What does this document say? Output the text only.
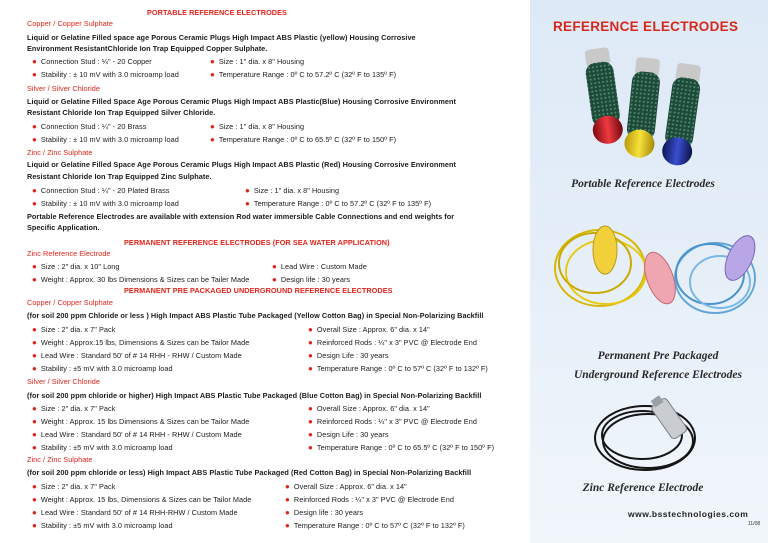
PORTABLE REFERENCE ELECTRODES
Copper / Copper Sulphate
Liquid or Gelatine Filled space age Porous Ceramic Plugs High Impact ABS Plastic (yellow) Housing Corrosive
Environment ResistantChloride Ion Trap Equipped Copper Sulphate.
● Connection Stud : ¼" - 20 Copper	● Size : 1" dia. x 8" Housing
● Stability : ± 10 mV with 3.0 microamp load	● Temperature Range : 0º C to 57.2º C (32º F to 135º F)
Silver / Silver Chloride
Liquid or Gelatine Filled Space Age Porous Ceramic Plugs High Impact ABS Plastic(Blue) Housing Corrosive Environment
Resistant Chloride Ion Trap Equipped Silver Chloride.
● Connection Stud : ¼" - 20 Brass	● Size : 1" dia. x 8" Housing
● Stability : ± 10 mV with 3.0 microamp load	● Temperature Range : 0º C to 65.5º C (32º F to 150º F)
Zinc / Zinc Sulphate
Liquid or Gelatine Filled Space Age Porous Ceramic Plugs High Impact ABS Plastic (Red) Housing Corrosive Environment
Resistant Chloride Ion Trap Equipped Zinc Sulphate.
● Connection Stud : ¼" - 20 Plated Brass	● Size : 1" dia. x 8" Housing
● Stability : ± 10 mV with 3.0 microamp load	● Temperature Range : 0º C to 57.2º C (32º F to 135º F)
Portable Reference Electrodes are available with extension Rod water immersible Cable Connections and end weights for
Specific Application.
PERMANENT REFERENCE ELECTRODES (FOR SEA WATER APPLICATION)
Zinc Reference Electrode
● Size : 2" dia. x 10" Long	● Lead Wire : Custom Made
● Weight : Approx. 30 lbs Dimensions & Sizes can be Tailer Made	● Design life : 30 years
PERMANENT PRE PACKAGED UNDERGROUND REFERENCE ELECTRODES
Copper / Copper Sulphate
(for soil 200 ppm Chloride or less ) High Impact ABS Plastic Tube Packaged (Yellow Cotton Bag) in Special Non-Polarizing Backfill
● Size : 2" dia. x 7" Pack	● Overall Size : Approx. 6" dia. x 14"
● Weight : Approx.15 lbs, Dimensions & Sizes can be Tailor Made	● Reinforced Rods : ¼" x 3" PVC @ Electrode End
● Lead Wire : Standard 50' of # 14 RHH - RHW / Custom Made	● Design Life : 30 years
● Stability : ±5 mV with 3.0 microamp load	● Temperature Range : 0º C to 57º C (32º F to 132º F)
Silver / Silver Chloride
(for soil 200 ppm chloride or higher) High Impact ABS Plastic Tube Packaged (Blue Cotton Bag) in Special Non-Polarizing Backfill
● Size : 2" dia. x 7" Pack	● Overall Size : Approx. 6" dia. x 14"
● Weight : Approx. 15 lbs Dimensions & Sizes can be Tailor Made	● Reinforced Rods : ¼" x 3" PVC @ Electrode End
● Lead Wire : Standard 50' of # 14 RHH - RHW / Custom Made	● Design Life : 30 years
● Stability : ±5 mV with 3.0 microamp load	● Temperature Range : 0º C to 65.5º C (32º F to 150º F)
Zinc / Zinc Sulphate
(for soil 200 ppm chloride or less) High Impact ABS Plastic Tube Packaged (Red Cotton Bag) in Special Non-Polarizing Backfill
● Size : 2" dia. x 7" Pack	● Overall Size : Approx. 6" dia. x 14"
● Weight : Approx. 15 lbs, Dimensions & Sizes can be Tailor Made	● Reinforced Rods : ¼" x 3" PVC @ Electrode End
● Lead Wire : Standard 50' of # 14 RHH-RHW / Custom Made	● Design life : 30 years
● Stability : ±5 mV with 3.0 microamp load	● Temperature Range : 0º C to 57º C (32º F to 132º F)
REFERENCE ELECTRODES
Portable Reference Electrodes
Permanent Pre Packaged
Underground Reference Electrodes
Zinc Reference Electrode
www.bsstechnologies.com
11/08
